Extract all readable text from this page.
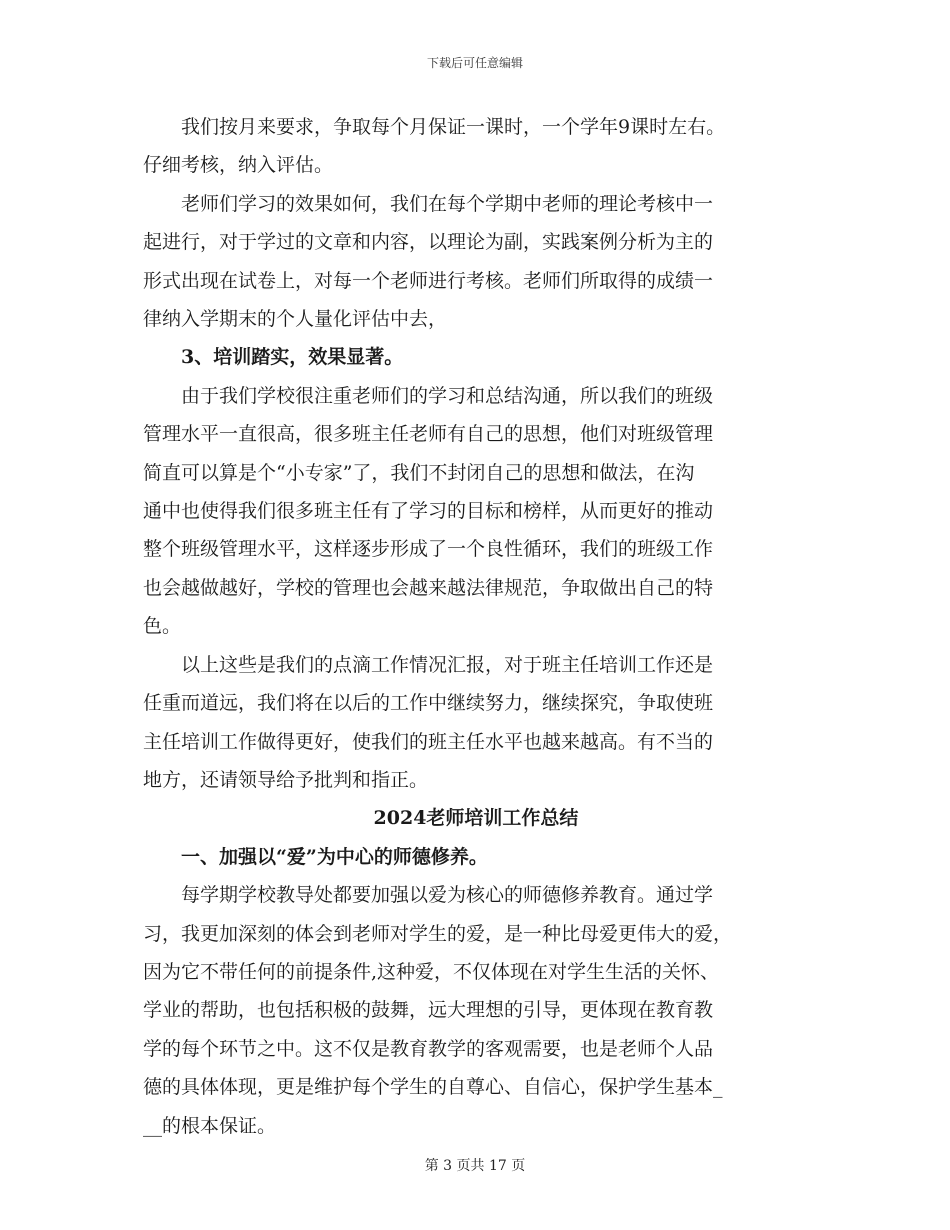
下载后可任意编辑
我们按月来要求，争取每个月保证一课时，一个学年9课时左右。
仔细考核，纳入评估。
老师们学习的效果如何，我们在每个学期中老师的理论考核中一
起进行，对于学过的文章和内容，以理论为副，实践案例分析为主的
形式出现在试卷上，对每一个老师进行考核。老师们所取得的成绩一
律纳入学期末的个人量化评估中去，
3、培训踏实，效果显著。
由于我们学校很注重老师们的学习和总结沟通，所以我们的班级
管理水平一直很高，很多班主任老师有自己的思想，他们对班级管理
简直可以算是个“小专家”了，我们不封闭自己的思想和做法，在沟
通中也使得我们很多班主任有了学习的目标和榜样，从而更好的推动
整个班级管理水平，这样逐步形成了一个良性循环，我们的班级工作
也会越做越好，学校的管理也会越来越法律规范，争取做出自己的特
色。
以上这些是我们的点滴工作情况汇报，对于班主任培训工作还是
任重而道远，我们将在以后的工作中继续努力，继续探究，争取使班
主任培训工作做得更好，使我们的班主任水平也越来越高。有不当的
地方，还请领导给予批判和指正。
2024老师培训工作总结
一、加强以“爱”为中心的师德修养。
每学期学校教导处都要加强以爱为核心的师德修养教育。通过学
习，我更加深刻的体会到老师对学生的爱，是一种比母爱更伟大的爱，
因为它不带任何的前提条件,这种爱，不仅体现在对学生生活的关怀、
学业的帮助，也包括积极的鼓舞，远大理想的引导，更体现在教育教
学的每个环节之中。这不仅是教育教学的客观需要，也是老师个人品
德的具体体现，更是维护每个学生的自尊心、自信心，保护学生基本_
__的根本保证。
第 3 页共 17 页
